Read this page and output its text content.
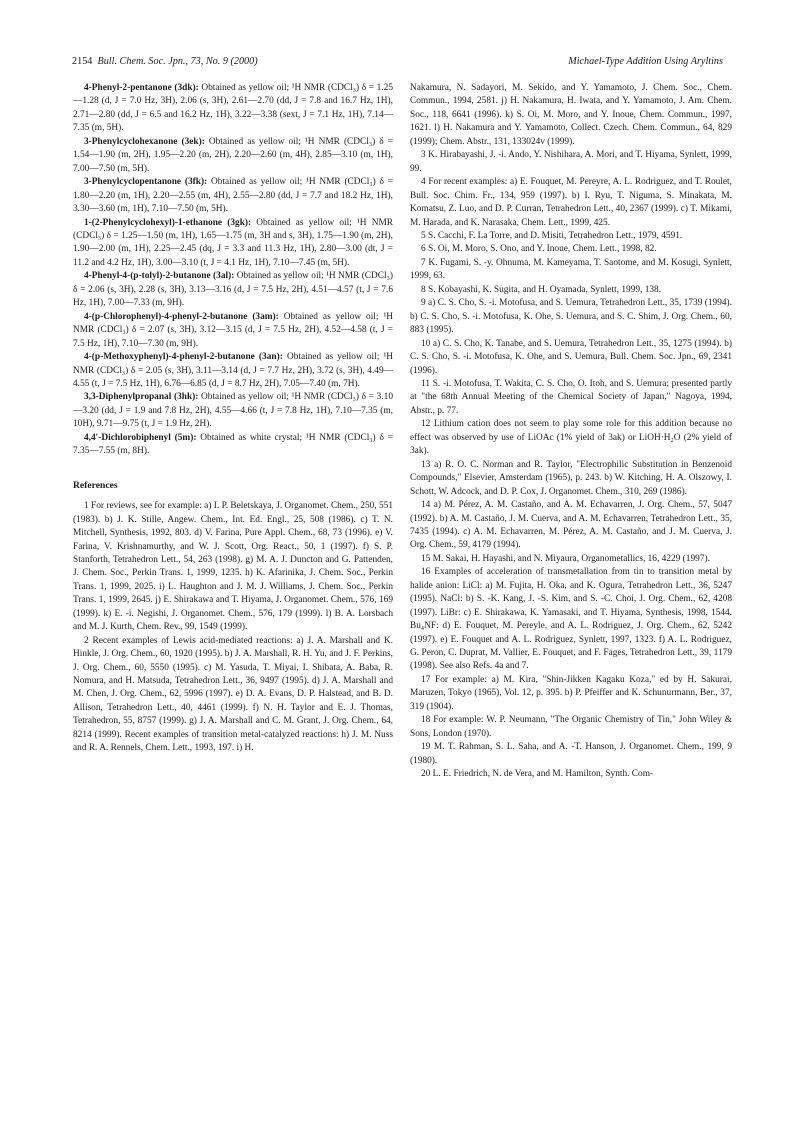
2154 Bull. Chem. Soc. Jpn., 73, No. 9 (2000)	Michael-Type Addition Using Aryltins

4-Phenyl-2-pentanone (3dk): Obtained as yellow oil; ¹H NMR (CDCl₃) δ = 1.25—1.28 (d, J = 7.0 Hz, 3H), 2.06 (s, 3H), 2.61—2.70 (dd, J = 7.8 and 16.7 Hz, 1H), 2.71—2.80 (dd, J = 6.5 and 16.2 Hz, 1H), 3.22—3.38 (sext, J = 7.1 Hz, 1H), 7.14—7.35 (m, 5H).

3-Phenylcyclohexanone (3ek): Obtained as yellow oil; ¹H NMR (CDCl₃) δ = 1.54—1.90 (m, 2H), 1.95—2.20 (m, 2H), 2.20—2.60 (m, 4H), 2.85—3.10 (m, 1H), 7.00—7.50 (m, 5H).

3-Phenylcyclopentanone (3fk): Obtained as yellow oil; ¹H NMR (CDCl₃) δ = 1.80—2.20 (m, 1H), 2.20—2.55 (m, 4H), 2.55—2.80 (dd, J = 7.7 and 18.2 Hz, 1H), 3.30—3.60 (m, 1H), 7.10—7.50 (m, 5H).

1-(2-Phenylcyclohexyl)-1-ethanone (3gk): Obtained as yellow oil; ¹H NMR (CDCl₃) δ = 1.25—1.50 (m, 1H), 1.65—1.75 (m, 3H and s, 3H), 1.75—1.90 (m, 2H), 1.90—2.00 (m, 1H), 2.25—2.45 (dq, J = 3.3 and 11.3 Hz, 1H), 2.80—3.00 (dt, J = 11.2 and 4.2 Hz, 1H), 3.00—3.10 (t, J = 4.1 Hz, 1H), 7.10—7.45 (m, 5H).

4-Phenyl-4-(p-tolyl)-2-butanone (3al): Obtained as yellow oil; ¹H NMR (CDCl₃) δ = 2.06 (s, 3H), 2.28 (s, 3H), 3.13—3.16 (d, J = 7.5 Hz, 2H), 4.51—4.57 (t, J = 7.6 Hz, 1H), 7.00—7.33 (m, 9H).

4-(p-Chlorophenyl)-4-phenyl-2-butanone (3am): Obtained as yellow oil; ¹H NMR (CDCl₃) δ = 2.07 (s, 3H), 3.12—3.15 (d, J = 7.5 Hz, 2H), 4.52—4.58 (t, J = 7.5 Hz, 1H), 7.10—7.30 (m, 9H).

4-(p-Methoxyphenyl)-4-phenyl-2-butanone (3an): Obtained as yellow oil; ¹H NMR (CDCl₃) δ = 2.05 (s, 3H), 3.11—3.14 (d, J = 7.7 Hz, 2H), 3.72 (s, 3H), 4.49—4.55 (t, J = 7.5 Hz, 1H), 6.76—6.85 (d, J = 8.7 Hz, 2H), 7.05—7.40 (m, 7H).

3,3-Diphenylpropanal (3hk): Obtained as yellow oil; ¹H NMR (CDCl₃) δ = 3.10—3.20 (dd, J = 1.9 and 7.8 Hz, 2H), 4.55—4.66 (t, J = 7.8 Hz, 1H), 7.10—7.35 (m, 10H), 9.71—9.75 (t, J = 1.9 Hz, 2H).

4,4′-Dichlorobiphenyl (5m): Obtained as white crystal; ¹H NMR (CDCl₃) δ = 7.35—7.55 (m, 8H).

References

1 For reviews, see for example: a) I. P. Beletskaya, J. Organomet. Chem., 250, 551 (1983). b) J. K. Stille, Angew. Chem., Int. Ed. Engl., 25, 508 (1986). c) T. N. Mitchell, Synthesis, 1992, 803. d) V. Farina, Pure Appl. Chem., 68, 73 (1996). e) V. Farina, V. Krishnamurthy, and W. J. Scott, Org. React., 50, 1 (1997). f) S. P. Stanforth, Tetrahedron Lett., 54, 263 (1998). g) M. A. J. Duncton and G. Pattenden, J. Chem. Soc., Perkin Trans. 1, 1999, 1235. h) K. Afarinika, J. Chem. Soc., Perkin Trans. 1, 1999, 2025. i) L. Haughton and J. M. J. Williams, J. Chem. Soc., Perkin Trans. 1, 1999, 2645. j) E. Shirakawa and T. Hiyama, J. Organomet. Chem., 576, 169 (1999). k) E. -i. Negishi, J. Organomet. Chem., 576, 179 (1999). l) B. A. Lorsbach and M. J. Kurth, Chem. Rev., 99, 1549 (1999).

2 Recent examples of Lewis acid-mediated reactions: a) J. A. Marshall and K. Hinkle, J. Org. Chem., 60, 1920 (1995). b) J. A. Marshall, R. H. Yu, and J. F. Perkins, J. Org. Chem., 60, 5550 (1995). c) M. Yasuda, T. Miyai, I. Shibata, A. Baba, R. Nomura, and H. Matsuda, Tetrahedron Lett., 36, 9497 (1995). d) J. A. Marshall and M. Chen, J. Org. Chem., 62, 5996 (1997). e) D. A. Evans, D. P. Halstead, and B. D. Allison, Tetrahedron Lett., 40, 4461 (1999). f) N. H. Taylor and E. J. Thomas, Tetrahedron, 55, 8757 (1999). g) J. A. Marshall and C. M. Grant, J. Org. Chem., 64, 8214 (1999). Recent examples of transition metal-catalyzed reactions: h) J. M. Nuss and R. A. Rennels, Chem. Lett., 1993, 197. i) H.

Nakamura, N. Sadayori, M. Sekido, and Y. Yamamoto, J. Chem. Soc., Chem. Commun., 1994, 2581. j) H. Nakamura, H. Iwata, and Y. Yamamoto, J. Am. Chem. Soc., 118, 6641 (1996). k) S. Oi, M. Moro, and Y. Inoue, Chem. Commun., 1997, 1621. l) H. Nakamura and Y. Yamamoto, Collect. Czech. Chem. Commun., 64, 829 (1999); Chem. Abstr., 131, 133024v (1999).

3 K. Hirabayashi, J. -i. Ando, Y. Nishihara, A. Mori, and T. Hiyama, Synlett, 1999, 99.

4 For recent examples: a) E. Fouquet, M. Pereyre, A. L. Rodriguez, and T. Roulet, Bull. Soc. Chim. Fr., 134, 959 (1997). b) I. Ryu, T. Niguma, S. Minakata, M. Komatsu, Z. Luo, and D. P. Curran, Tetrahedron Lett., 40, 2367 (1999). c) T. Mikami, M. Harada, and K. Narasaka, Chem. Lett., 1999, 425.

5 S. Cacchi, F. La Torre, and D. Misiti, Tetrahedron Lett., 1979, 4591.

6 S. Oi, M. Moro, S. Ono, and Y. Inoue, Chem. Lett., 1998, 82.

7 K. Fugami, S. -y. Ohnuma, M. Kameyama, T. Saotome, and M. Kosugi, Synlett, 1999, 63.

8 S. Kobayashi, K. Sugita, and H. Oyamada, Synlett, 1999, 138.

9 a) C. S. Cho, S. -i. Motofusa, and S. Uemura, Tetrahedron Lett., 35, 1739 (1994). b) C. S. Cho, S. -i. Motofusa, K. Ohe, S. Uemura, and S. C. Shim, J. Org. Chem., 60, 883 (1995).

10 a) C. S. Cho, K. Tanabe, and S. Uemura, Tetrahedron Lett., 35, 1275 (1994). b) C. S. Cho, S. -i. Motofusa, K. Ohe, and S. Uemura, Bull. Chem. Soc. Jpn., 69, 2341 (1996).

11 S. -i. Motofusa, T. Wakita, C. S. Cho, O. Itoh, and S. Uemura; presented partly at "the 68th Annual Meeting of the Chemical Society of Japan," Nagoya, 1994, Abstr., p. 77.

12 Lithium cation does not seem to play some role for this addition because no effect was observed by use of LiOAc (1% yield of 3ak) or LiOH·H₂O (2% yield of 3ak).

13 a) R. O. C. Norman and R. Taylor, "Electrophilic Substitution in Benzenoid Compounds," Elsevier, Amsterdam (1965), p. 243. b) W. Kitching, H. A. Olszowy, I. Schott, W. Adcock, and D. P. Cox, J. Organomet. Chem., 310, 269 (1986).

14 a) M. Pérez, A. M. Castaño, and A. M. Echavarren, J. Org. Chem., 57, 5047 (1992). b) A. M. Castaño, J. M. Cuerva, and A. M. Echavarren, Tetrahedron Lett., 35, 7435 (1994). c) A. M. Echavarren, M. Pérez, A. M. Castaño, and J. M. Cuerva, J. Org. Chem., 59, 4179 (1994).

15 M. Sakai, H. Hayashi, and N. Miyaura, Organometallics, 16, 4229 (1997).

16 Examples of acceleration of transmetallation from tin to transition metal by halide anion: LiCl: a) M. Fujita, H. Oka, and K. Ogura, Tetrahedron Lett., 36, 5247 (1995). NaCl: b) S. -K. Kang, J. -S. Kim, and S. -C. Choi, J. Org. Chem., 62, 4208 (1997). LiBr: c) E. Shirakawa, K. Yamasaki, and T. Hiyama, Synthesis, 1998, 1544. Bu₄NF: d) E. Fouquet, M. Pereyle, and A. L. Rodriguez, J. Org. Chem., 62, 5242 (1997). e) E. Fouquet and A. L. Rodriguez, Synlett, 1997, 1323. f) A. L. Rodriguez, G. Peron, C. Duprat, M. Vallier, E. Fouquet, and F. Fages, Tetrahedron Lett., 39, 1179 (1998). See also Refs. 4a and 7.

17 For example: a) M. Kira, "Shin-Jikken Kagaku Koza," ed by H. Sakurai, Maruzen, Tokyo (1965), Vol. 12, p. 395. b) P. Pfeiffer and K. Schunurmann, Ber., 37, 319 (1904).

18 For example: W. P. Neumann, "The Organic Chemistry of Tin," John Wiley & Sons, London (1970).

19 M. T. Rahman, S. L. Saha, and A. -T. Hanson, J. Organomet. Chem., 199, 9 (1980).

20 L. E. Friedrich, N. de Vera, and M. Hamilton, Synth. Com-
